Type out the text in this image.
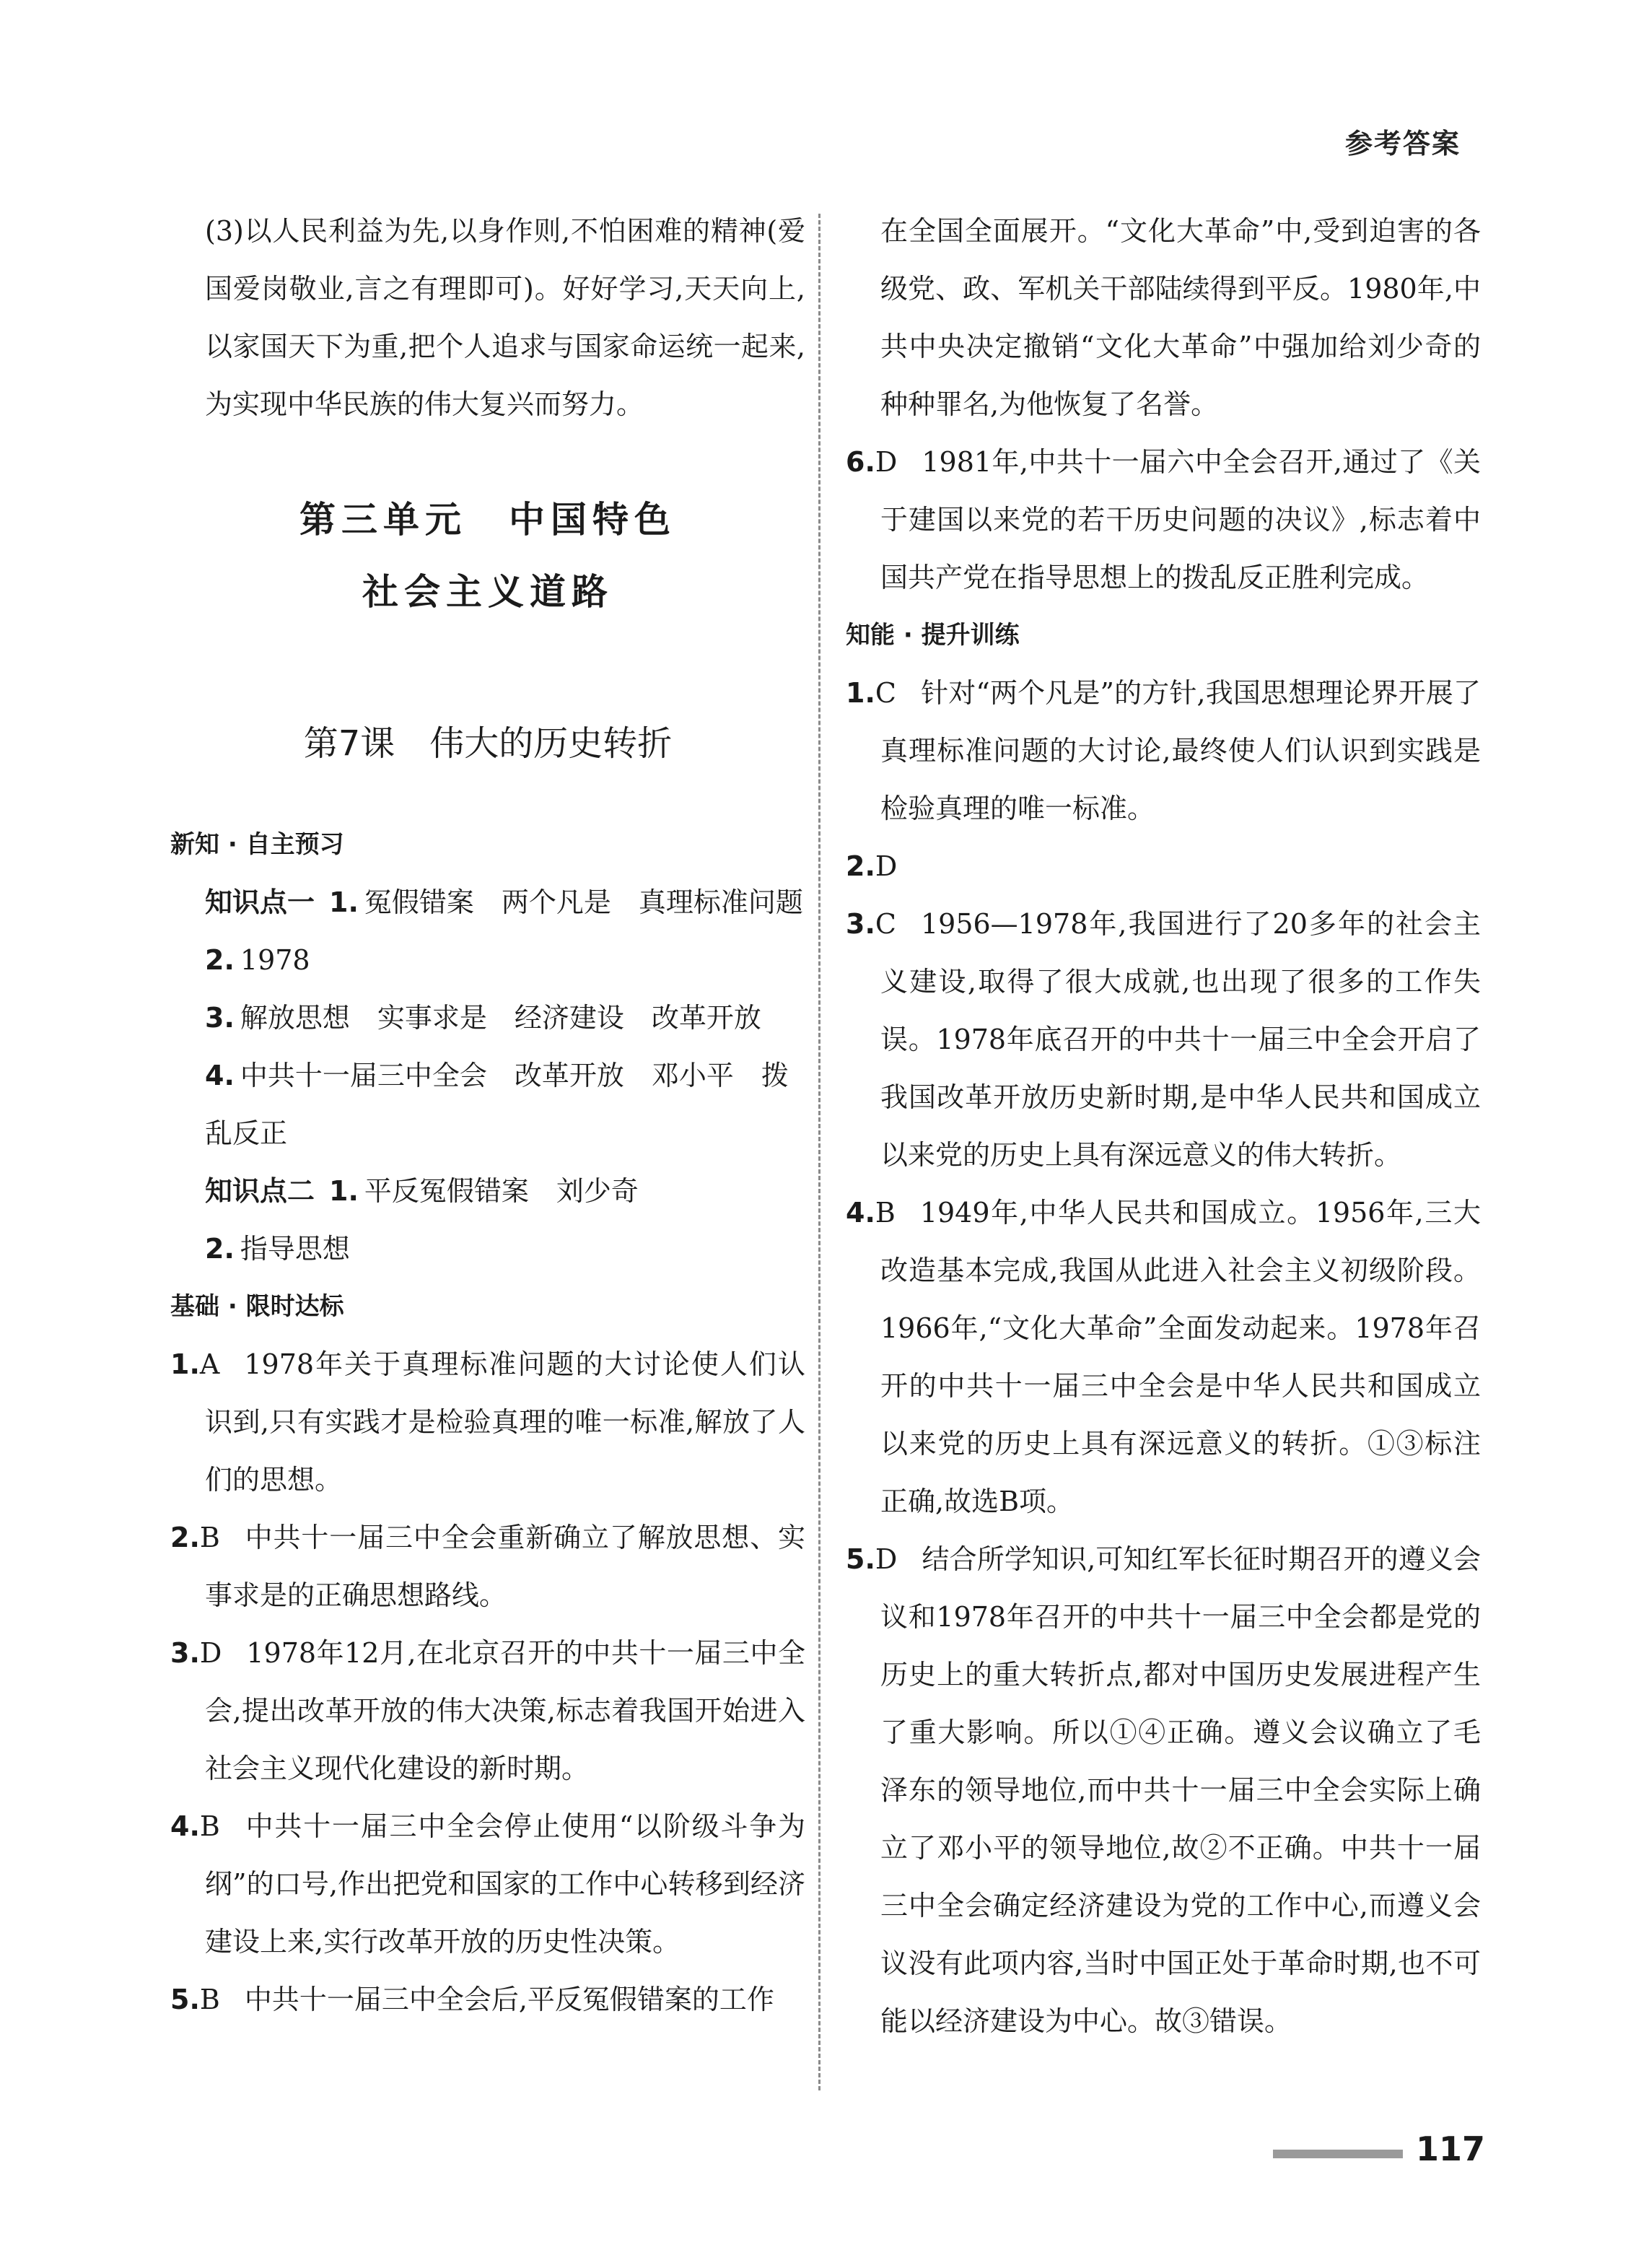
参考答案

(3)以人民利益为先,以身作则,不怕困难的精神(爱国爱岗敬业,言之有理即可)。好好学习,天天向上,以家国天下为重,把个人追求与国家命运统一起来,为实现中华民族的伟大复兴而努力。

第三单元　中国特色

社会主义道路

第7课　伟大的历史转折

新知 · 自主预习

知识点一 1. 冤假错案　两个凡是　真理标准问题

2. 1978

3. 解放思想　实事求是　经济建设　改革开放

4. 中共十一届三中全会　改革开放　邓小平　拨乱反正

知识点二 1. 平反冤假错案　刘少奇

2. 指导思想

基础 · 限时达标

1.A 1978年关于真理标准问题的大讨论使人们认识到,只有实践才是检验真理的唯一标准,解放了人们的思想。

2.B 中共十一届三中全会重新确立了解放思想、实事求是的正确思想路线。

3.D 1978年12月,在北京召开的中共十一届三中全会,提出改革开放的伟大决策,标志着我国开始进入社会主义现代化建设的新时期。

4.B 中共十一届三中全会停止使用“以阶级斗争为纲”的口号,作出把党和国家的工作中心转移到经济建设上来,实行改革开放的历史性决策。

5.B 中共十一届三中全会后,平反冤假错案的工作

在全国全面展开。“文化大革命”中,受到迫害的各级党、政、军机关干部陆续得到平反。1980年,中共中央决定撤销“文化大革命”中强加给刘少奇的种种罪名,为他恢复了名誉。

6.D 1981年,中共十一届六中全会召开,通过了《关于建国以来党的若干历史问题的决议》,标志着中国共产党在指导思想上的拨乱反正胜利完成。

知能 · 提升训练

1.C 针对“两个凡是”的方针,我国思想理论界开展了真理标准问题的大讨论,最终使人们认识到实践是检验真理的唯一标准。

2.D

3.C 1956—1978年,我国进行了20多年的社会主义建设,取得了很大成就,也出现了很多的工作失误。1978年底召开的中共十一届三中全会开启了我国改革开放历史新时期,是中华人民共和国成立以来党的历史上具有深远意义的伟大转折。

4.B 1949年,中华人民共和国成立。1956年,三大改造基本完成,我国从此进入社会主义初级阶段。1966年,“文化大革命”全面发动起来。1978年召开的中共十一届三中全会是中华人民共和国成立以来党的历史上具有深远意义的转折。①③标注正确,故选B项。

5.D 结合所学知识,可知红军长征时期召开的遵义会议和1978年召开的中共十一届三中全会都是党的历史上的重大转折点,都对中国历史发展进程产生了重大影响。所以①④正确。遵义会议确立了毛泽东的领导地位,而中共十一届三中全会实际上确立了邓小平的领导地位,故②不正确。中共十一届三中全会确定经济建设为党的工作中心,而遵义会议没有此项内容,当时中国正处于革命时期,也不可能以经济建设为中心。故③错误。

117
